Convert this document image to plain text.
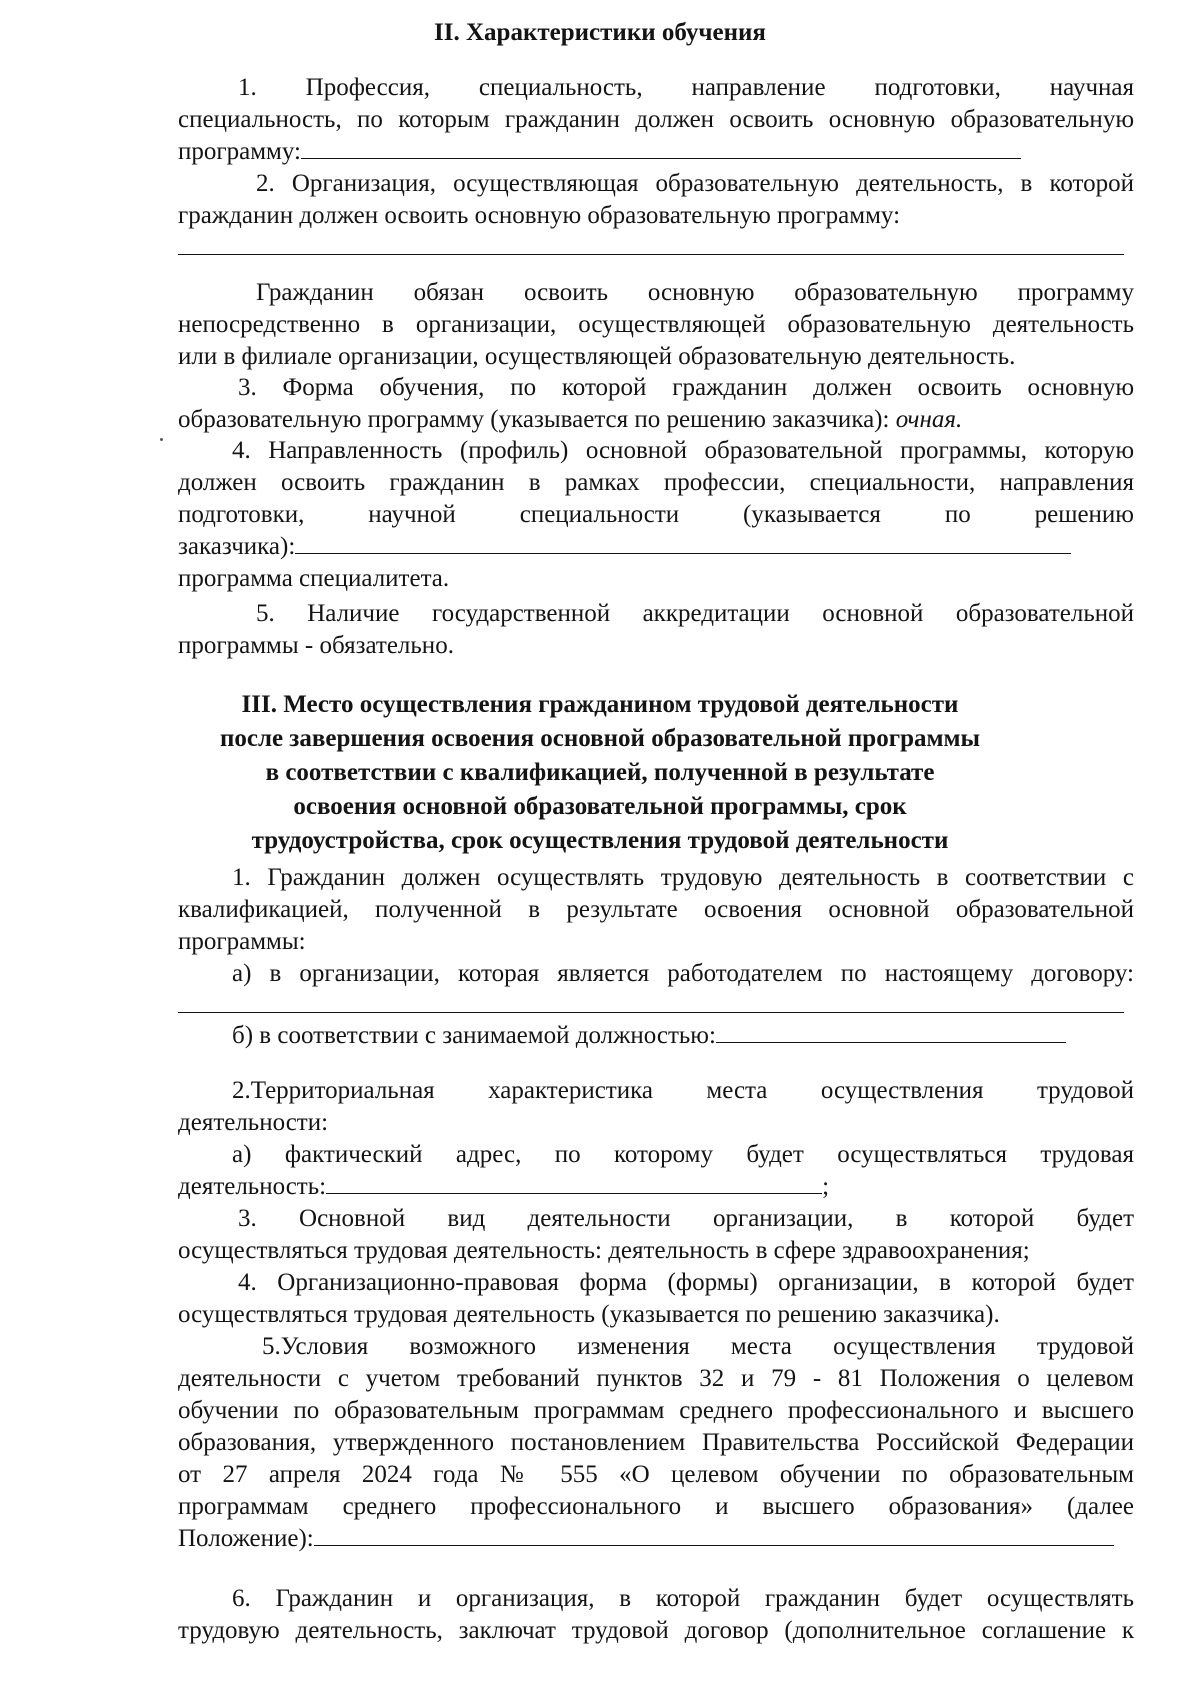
II. Характеристики обучения
1. Профессия, специальность, направление подготовки, научная
специальность, по которым гражданин должен освоить основную образовательную
программу:
2. Организация, осуществляющая образовательную деятельность, в которой
гражданин должен освоить основную образовательную программу:
Гражданин обязан освоить основную образовательную программу
непосредственно в организации, осуществляющей образовательную деятельность
или в филиале организации, осуществляющей образовательную деятельность.
3. Форма обучения, по которой гражданин должен освоить основную
образовательную программу (указывается по решению заказчика): очная.
4. Направленность (профиль) основной образовательной программы, которую
должен освоить гражданин в рамках профессии, специальности, направления
подготовки, научной специальности (указывается по решению
заказчика):
программа специалитета.
5. Наличие государственной аккредитации основной образовательной
программы - обязательно.
III. Место осуществления гражданином трудовой деятельности
после завершения освоения основной образовательной программы
в соответствии с квалификацией, полученной в результате
освоения основной образовательной программы, срок
трудоустройства, срок осуществления трудовой деятельности
1. Гражданин должен осуществлять трудовую деятельность в соответствии с
квалификацией, полученной в результате освоения основной образовательной
программы:
а) в организации, которая является работодателем по настоящему договору:
б) в соответствии с занимаемой должностью:
2.Территориальная характеристика места осуществления трудовой
деятельности:
а) фактический адрес, по которому будет осуществляться трудовая
деятельность:	;
3. Основной вид деятельности организации, в которой будет
осуществляться трудовая деятельность: деятельность в сфере здравоохранения;
4. Организационно-правовая форма (формы) организации, в которой будет
осуществляться трудовая деятельность (указывается по решению заказчика).
5.Условия возможного изменения места осуществления трудовой
деятельности с учетом требований пунктов 32 и 79 - 81 Положения о целевом
обучении по образовательным программам среднего профессионального и высшего
образования, утвержденного постановлением Правительства Российской Федерации
от 27 апреля 2024 года № 555 «О целевом обучении по образовательным
программам среднего профессионального и высшего образования» (далее
Положение):
6. Гражданин и организация, в которой гражданин будет осуществлять
трудовую деятельность, заключат трудовой договор (дополнительное соглашение к
